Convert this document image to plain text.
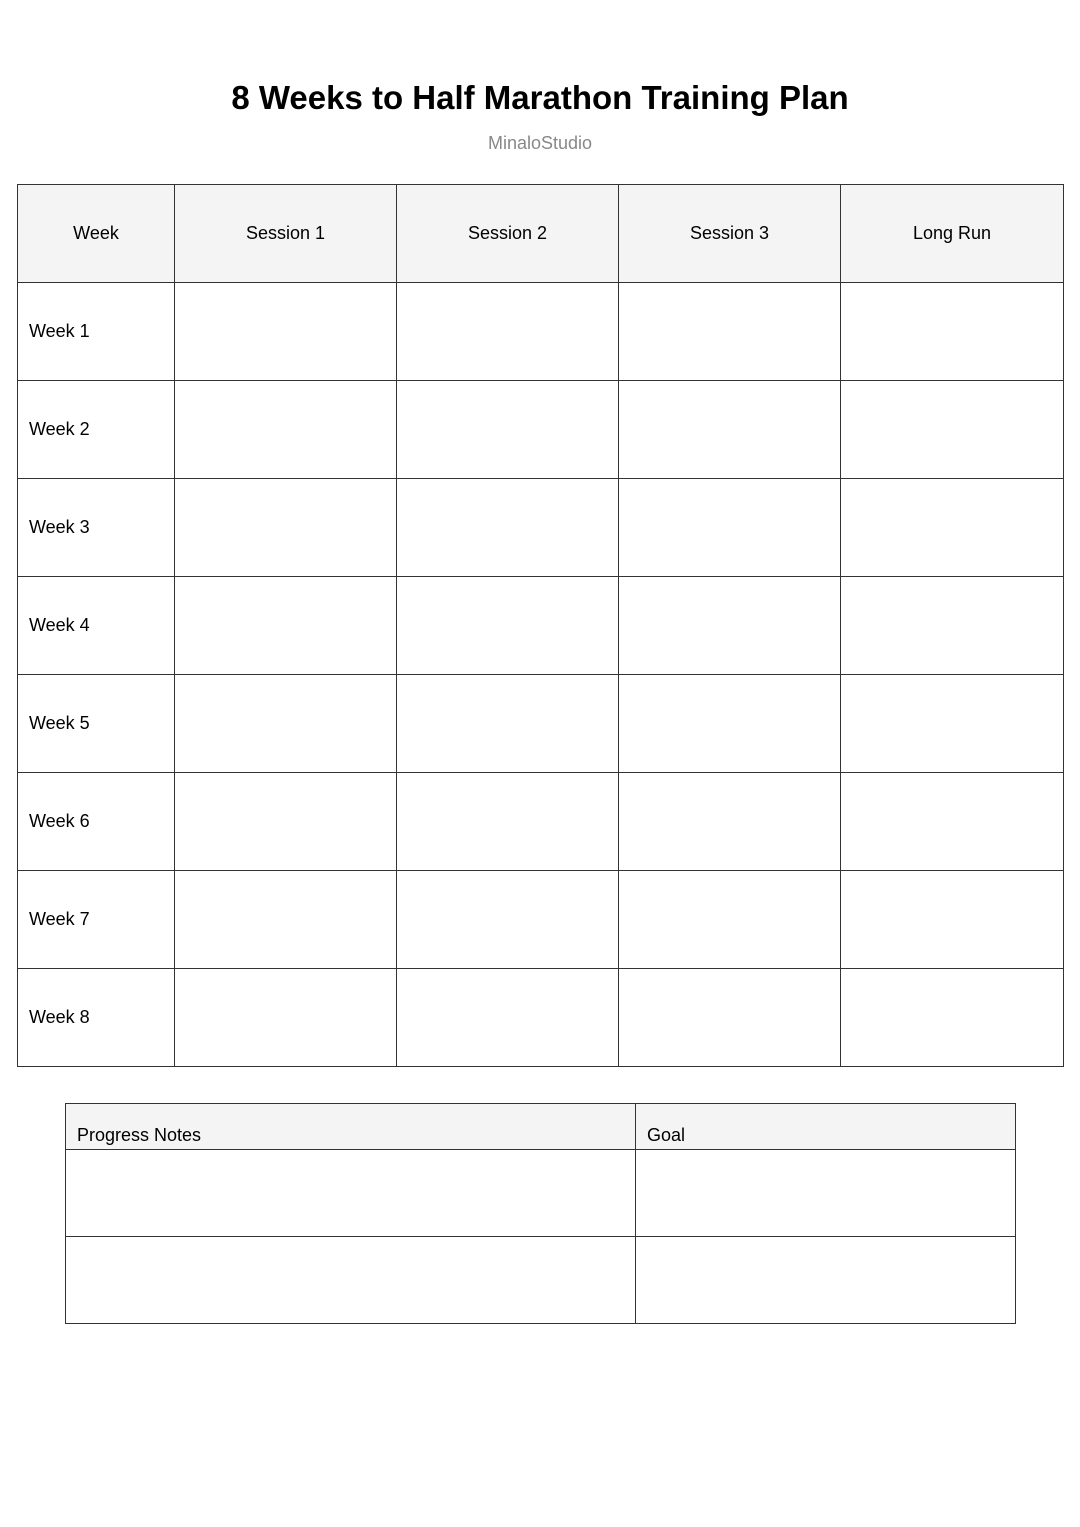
8 Weeks to Half Marathon Training Plan
MinaloStudio
Week	Session 1	Session 2	Session 3	Long Run
Week 1				
Week 2				
Week 3				
Week 4				
Week 5				
Week 6				
Week 7				
Week 8				
Progress Notes	Goal
